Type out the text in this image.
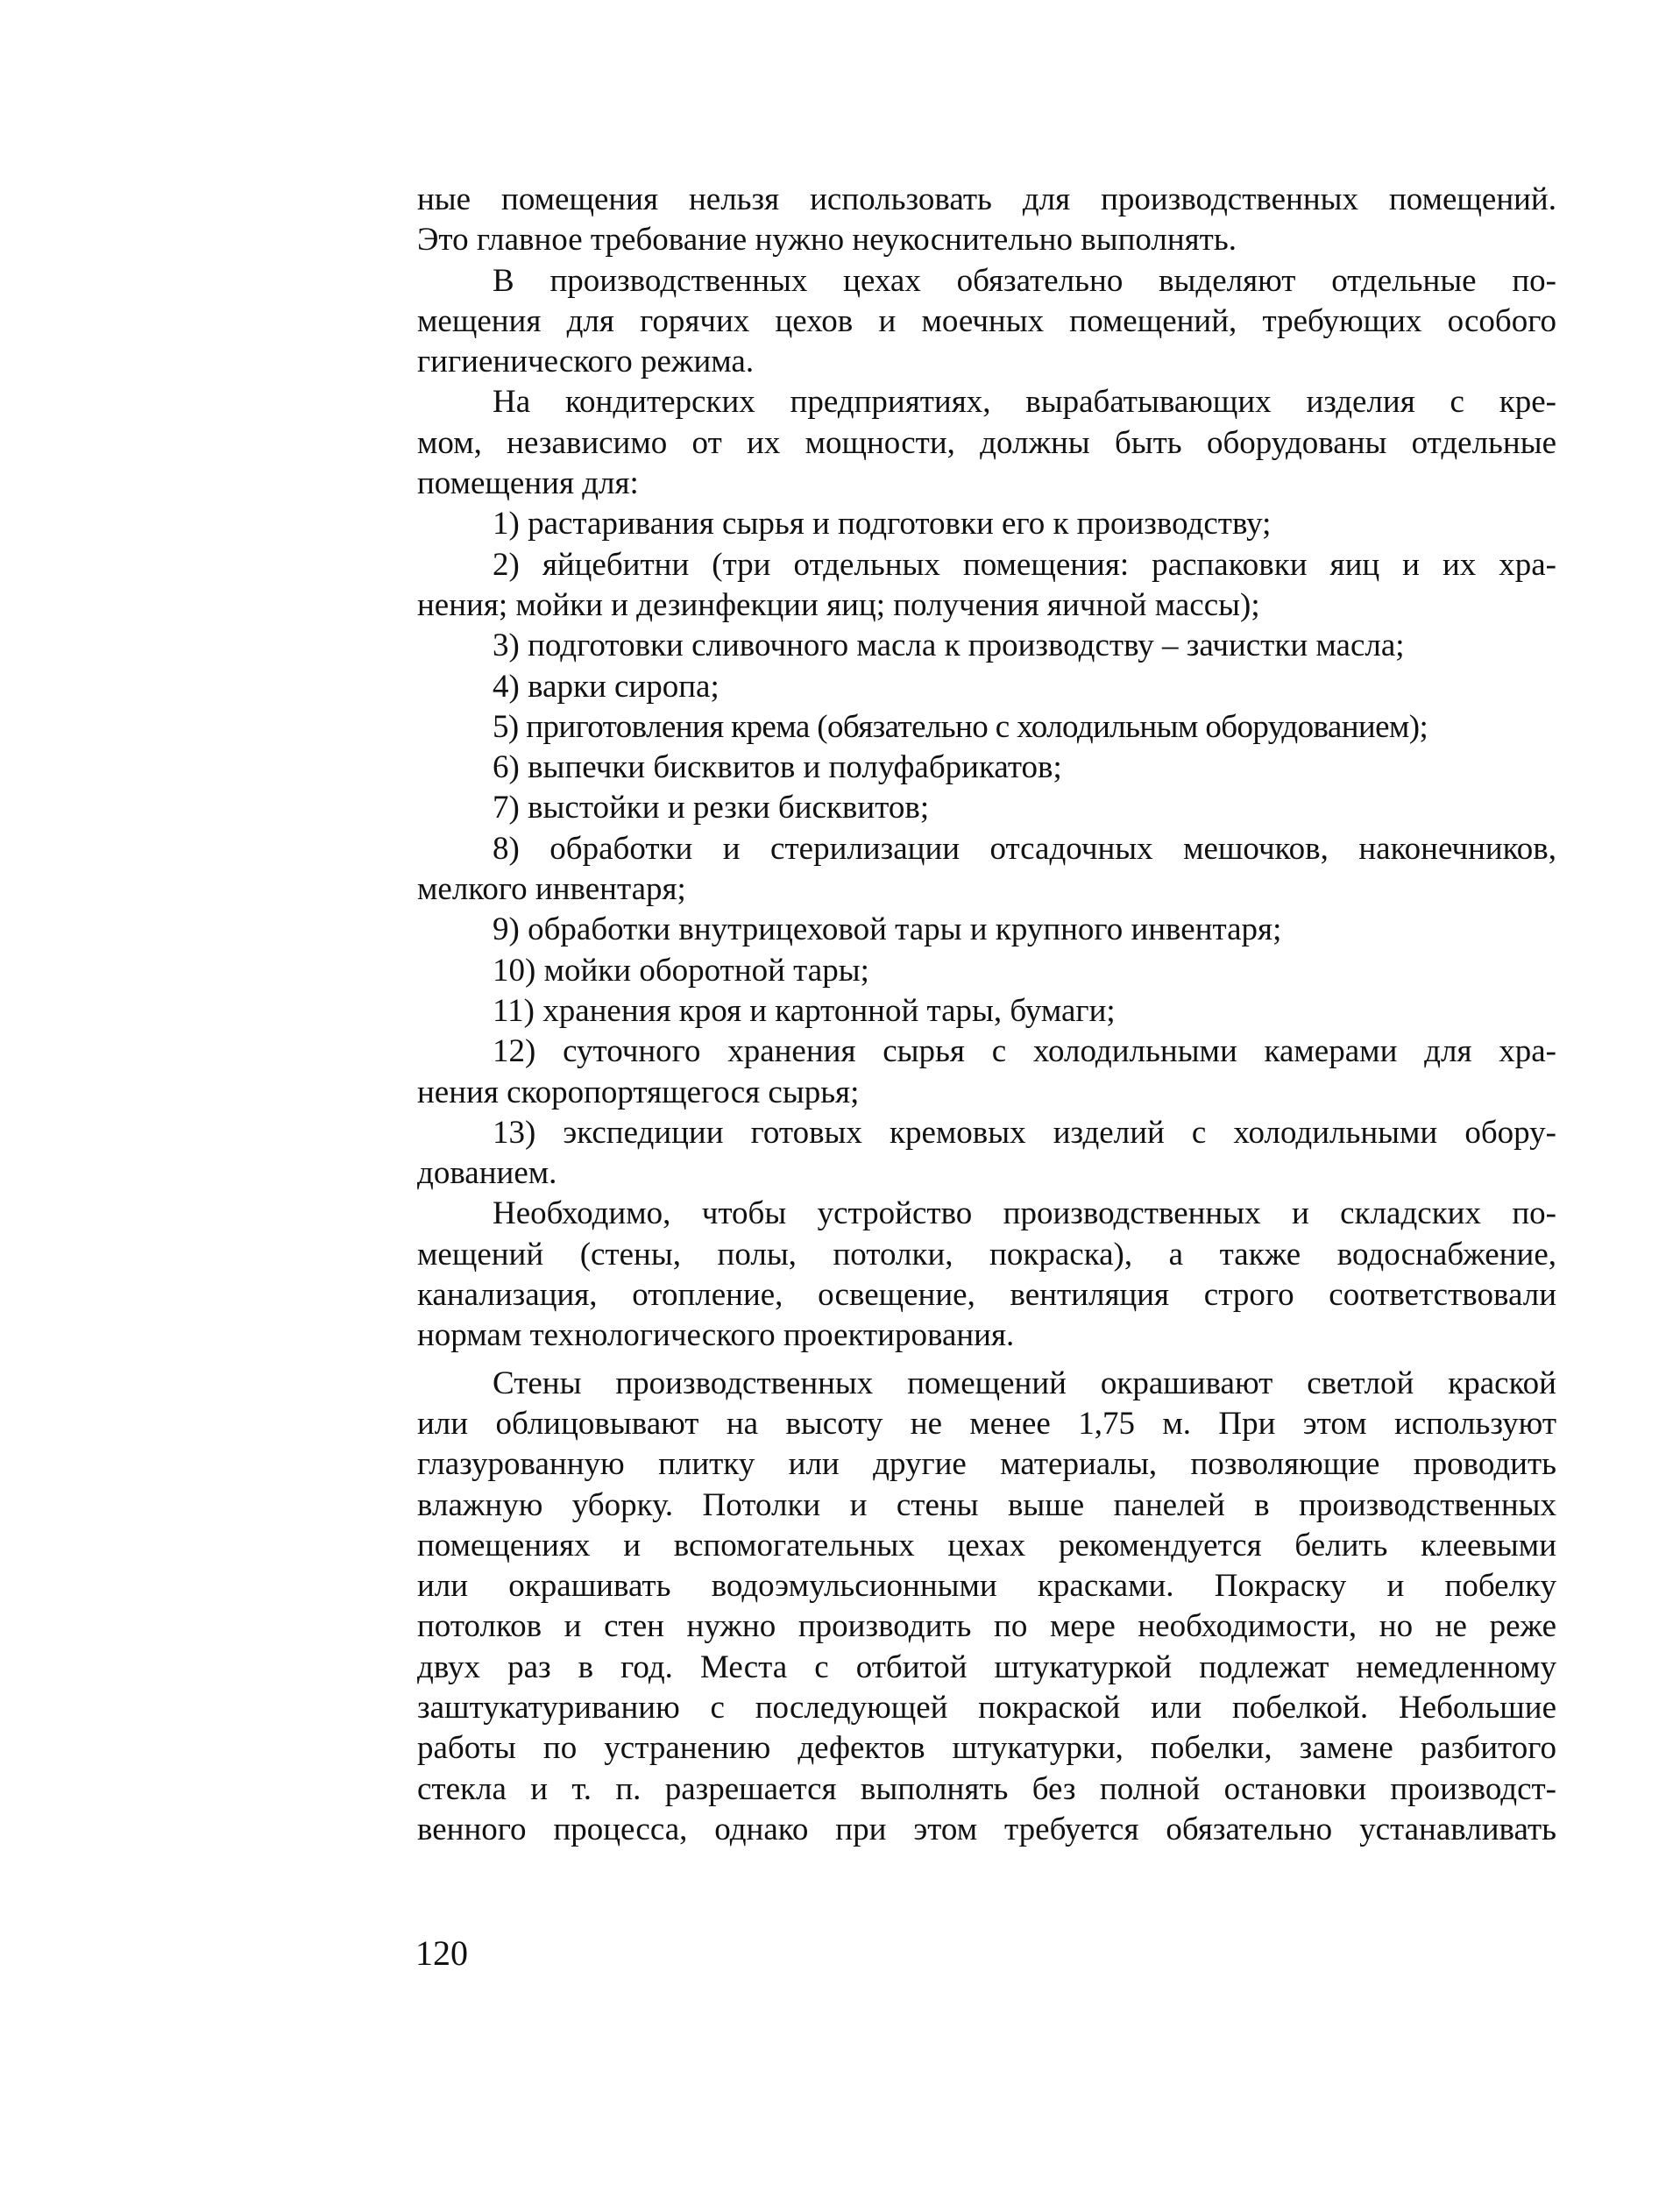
ные помещения нельзя использовать для производственных помещений.
Это главное требование нужно неукоснительно выполнять.
В производственных цехах обязательно выделяют отдельные по-
мещения для горячих цехов и моечных помещений, требующих особого
гигиенического режима.
На кондитерских предприятиях, вырабатывающих изделия с кре-
мом, независимо от их мощности, должны быть оборудованы отдельные
помещения для:
1) растаривания сырья и подготовки его к производству;
2) яйцебитни (три отдельных помещения: распаковки яиц и их хра-
нения; мойки и дезинфекции яиц; получения яичной массы);
3) подготовки сливочного масла к производству – зачистки масла;
4) варки сиропа;
5) приготовления крема (обязательно с холодильным оборудованием);
6) выпечки бисквитов и полуфабрикатов;
7) выстойки и резки бисквитов;
8) обработки и стерилизации отсадочных мешочков, наконечников,
мелкого инвентаря;
9) обработки внутрицеховой тары и крупного инвентаря;
10) мойки оборотной тары;
11) хранения кроя и картонной тары, бумаги;
12) суточного хранения сырья с холодильными камерами для хра-
нения скоропортящегося сырья;
13) экспедиции готовых кремовых изделий с холодильными обору-
дованием.
Необходимо, чтобы устройство производственных и складских по-
мещений (стены, полы, потолки, покраска), а также водоснабжение,
канализация, отопление, освещение, вентиляция строго соответствовали
нормам технологического проектирования.
Стены производственных помещений окрашивают светлой краской
или облицовывают на высоту не менее 1,75 м. При этом используют
глазурованную плитку или другие материалы, позволяющие проводить
влажную уборку. Потолки и стены выше панелей в производственных
помещениях и вспомогательных цехах рекомендуется белить клеевыми
или окрашивать водоэмульсионными красками. Покраску и побелку
потолков и стен нужно производить по мере необходимости, но не реже
двух раз в год. Места с отбитой штукатуркой подлежат немедленному
заштукатуриванию с последующей покраской или побелкой. Небольшие
работы по устранению дефектов штукатурки, побелки, замене разбитого
стекла и т. п. разрешается выполнять без полной остановки производст-
венного процесса, однако при этом требуется обязательно устанавливать
120
